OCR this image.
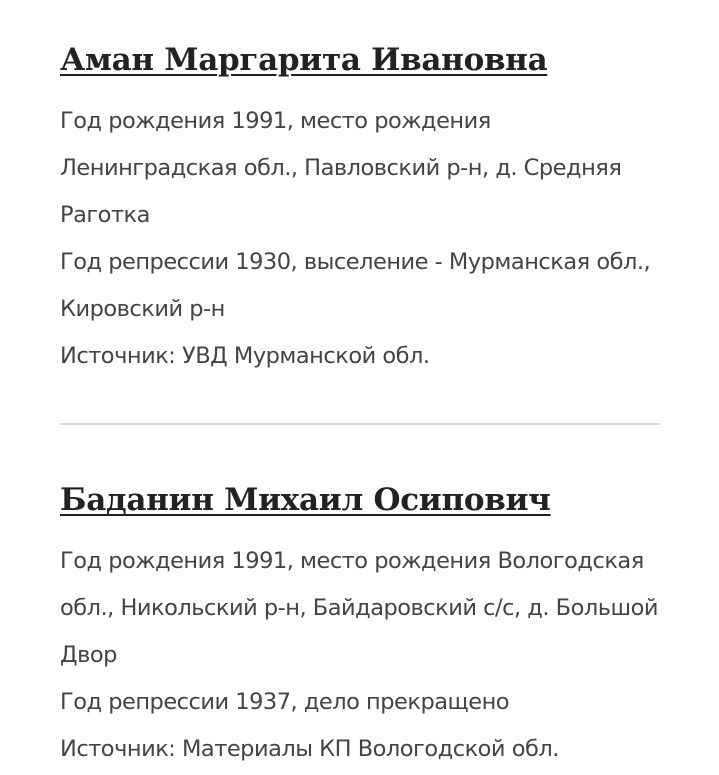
Аман Маргарита Ивановна

Год рождения 1991, место рождения Ленинградская обл., Павловский р-н, д. Средняя Раготка

Год репрессии 1930, выселение - Мурманская обл., Кировский р-н

Источник: УВД Мурманской обл.

Баданин Михаил Осипович

Год рождения 1991, место рождения Вологодская обл., Никольский р-н, Байдаровский с/с, д. Большой Двор

Год репрессии 1937, дело прекращено

Источник: Материалы КП Вологодской обл.
